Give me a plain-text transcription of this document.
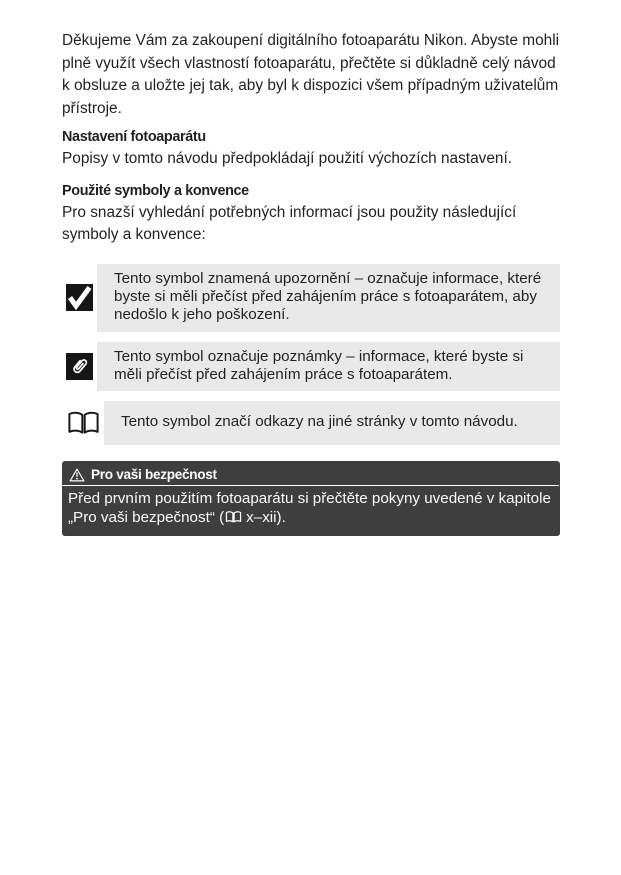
Děkujeme Vám za zakoupení digitálního fotoaparátu Nikon. Abyste mohli plně využít všech vlastností fotoaparátu, přečtěte si důkladně celý návod k obsluze a uložte jej tak, aby byl k dispozici všem případným uživatelům přístroje.

Nastavení fotoaparátu

Popisy v tomto návodu předpokládají použití výchozích nastavení.

Použité symboly a konvence

Pro snazší vyhledání potřebných informací jsou použity následující symboly a konvence:

Tento symbol znamená upozornění – označuje informace, které byste si měli přečíst před zahájením práce s fotoaparátem, aby nedošlo k jeho poškození.
Tento symbol označuje poznámky – informace, které byste si měli přečíst před zahájením práce s fotoaparátem.
Tento symbol značí odkazy na jiné stránky v tomto návodu.
Pro vaši bezpečnost

Před prvním použitím fotoaparátu si přečtěte pokyny uvedené v kapitole „Pro vaši bezpečnost“ ( x–xii).
